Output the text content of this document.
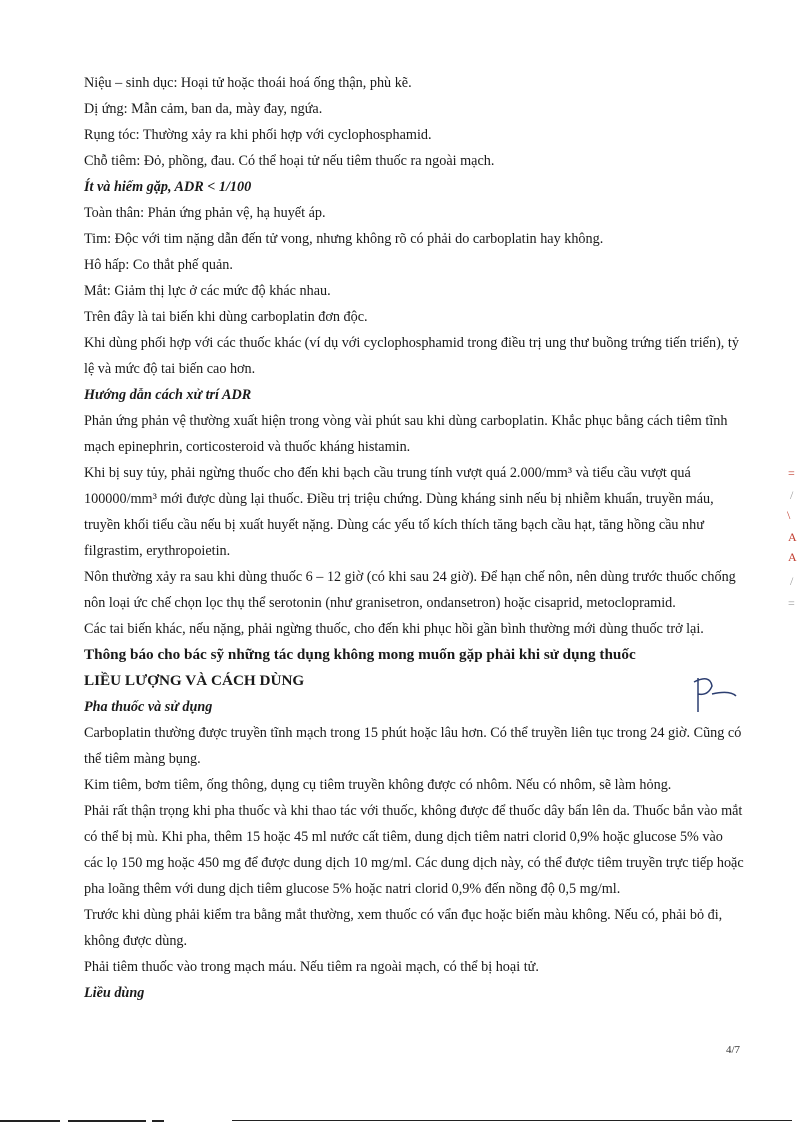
Niệu – sinh dục: Hoại tử hoặc thoái hoá ống thận, phù kẽ.

Dị ứng: Mẫn cảm, ban da, mày đay, ngứa.

Rụng tóc: Thường xảy ra khi phối hợp với cyclophosphamid.

Chỗ tiêm: Đỏ, phồng, đau. Có thể hoại tử nếu tiêm thuốc ra ngoài mạch.

Ít và hiếm gặp, ADR < 1/100

Toàn thân: Phản ứng phản vệ, hạ huyết áp.

Tim: Độc với tim nặng dẫn đến tử vong, nhưng không rõ có phải do carboplatin hay không.

Hô hấp: Co thắt phế quản.

Mắt: Giảm thị lực ở các mức độ khác nhau.

Trên đây là tai biến khi dùng carboplatin đơn độc.

Khi dùng phối hợp với các thuốc khác (ví dụ với cyclophosphamid trong điều trị ung thư buồng trứng tiến triển), tỷ lệ và mức độ tai biến cao hơn.

Hướng dẫn cách xử trí ADR

Phản ứng phản vệ thường xuất hiện trong vòng vài phút sau khi dùng carboplatin. Khắc phục bằng cách tiêm tĩnh mạch epinephrin, corticosteroid và thuốc kháng histamin.

Khi bị suy tủy, phải ngừng thuốc cho đến khi bạch cầu trung tính vượt quá 2.000/mm³ và tiểu cầu vượt quá 100000/mm³ mới được dùng lại thuốc. Điều trị triệu chứng. Dùng kháng sinh nếu bị nhiễm khuẩn, truyền máu, truyền khối tiểu cầu nếu bị xuất huyết nặng. Dùng các yếu tố kích thích tăng bạch cầu hạt, tăng hồng cầu như filgrastim, erythropoietin.

Nôn thường xảy ra sau khi dùng thuốc 6 – 12 giờ (có khi sau 24 giờ). Để hạn chế nôn, nên dùng trước thuốc chống nôn loại ức chế chọn lọc thụ thể serotonin (như granisetron, ondansetron) hoặc cisaprid, metoclopramid.

Các tai biến khác, nếu nặng, phải ngừng thuốc, cho đến khi phục hồi gần bình thường mới dùng thuốc trở lại.

Thông báo cho bác sỹ những tác dụng không mong muốn gặp phải khi sử dụng thuốc

LIỀU LƯỢNG VÀ CÁCH DÙNG

Pha thuốc và sử dụng

Carboplatin thường được truyền tĩnh mạch trong 15 phút hoặc lâu hơn. Có thể truyền liên tục trong 24 giờ. Cũng có thể tiêm màng bụng.

Kim tiêm, bơm tiêm, ống thông, dụng cụ tiêm truyền không được có nhôm. Nếu có nhôm, sẽ làm hỏng.

Phải rất thận trọng khi pha thuốc và khi thao tác với thuốc, không được để thuốc dây bẩn lên da. Thuốc bắn vào mắt có thể bị mù. Khi pha, thêm 15 hoặc 45 ml nước cất tiêm, dung dịch tiêm natri clorid 0,9% hoặc glucose 5% vào các lọ 150 mg hoặc 450 mg để được dung dịch 10 mg/ml. Các dung dịch này, có thể được tiêm truyền trực tiếp hoặc pha loãng thêm với dung dịch tiêm glucose 5% hoặc natri clorid 0,9% đến nồng độ 0,5 mg/ml.

Trước khi dùng phải kiểm tra bằng mắt thường, xem thuốc có vẩn đục hoặc biến màu không. Nếu có, phải bỏ đi, không được dùng.

Phải tiêm thuốc vào trong mạch máu. Nếu tiêm ra ngoài mạch, có thể bị hoại tử.

Liều dùng

=
/
\
A
A
/
=
4/7
